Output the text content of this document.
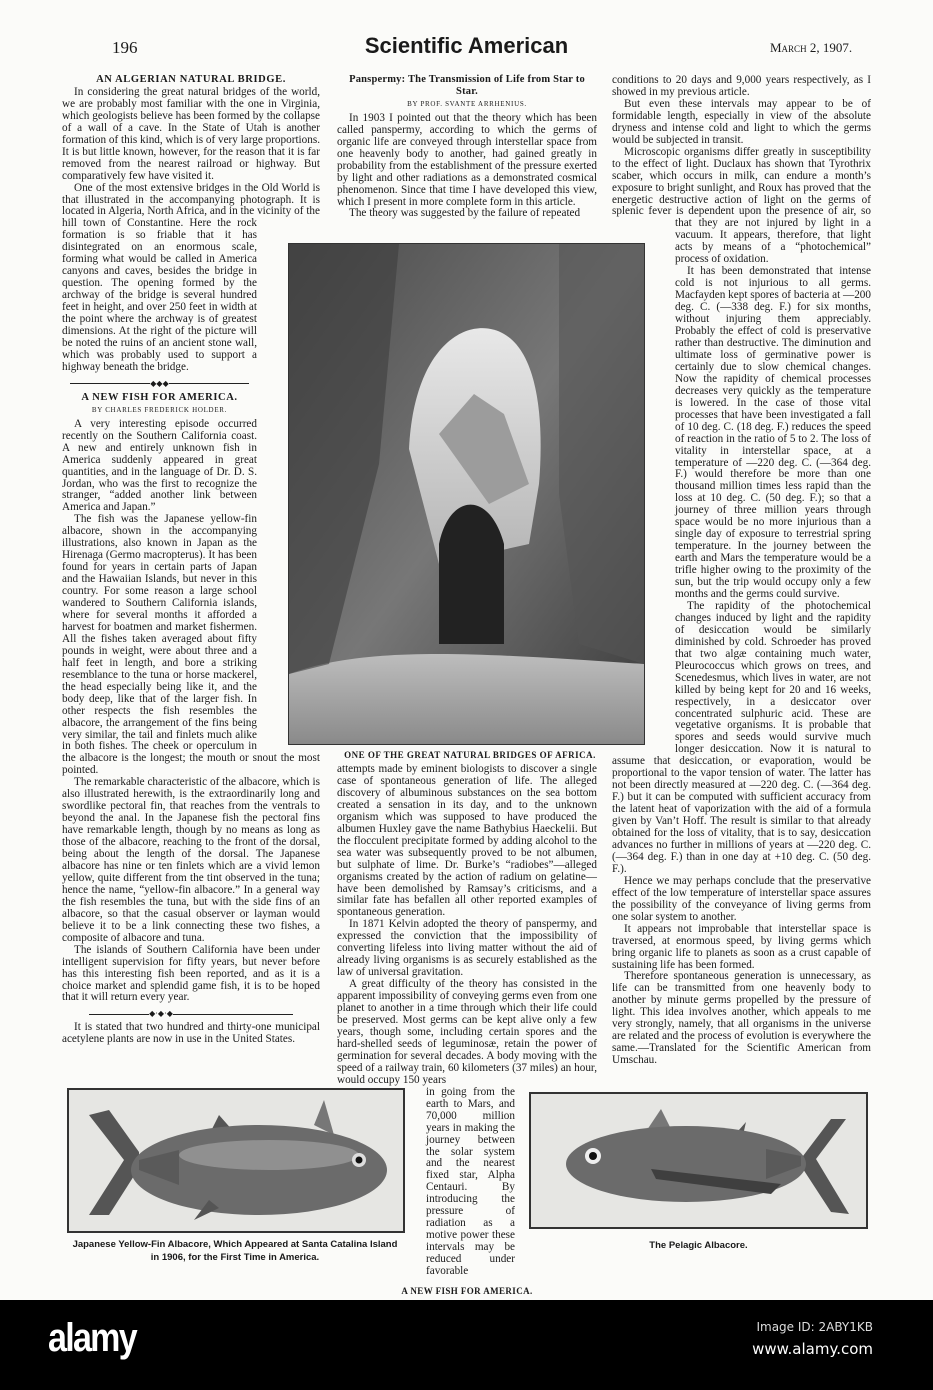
196	Scientific American	March 2, 1907.
ONE OF THE GREAT NATURAL BRIDGES OF AFRICA.
AN ALGERIAN NATURAL BRIDGE.

In considering the great natural bridges of the world, we are probably most familiar with the one in Virginia, which geologists believe has been formed by the collapse of a wall of a cave. In the State of Utah is another formation of this kind, which is of very large proportions. It is but little known, however, for the reason that it is far removed from the nearest railroad or highway. But comparatively few have visited it.

One of the most extensive bridges in the Old World is that illustrated in the accompanying photograph. It is located in Algeria, North Africa, and in the vicinity of the hill town of Constantine. Here the rock formation is so friable that it has disintegrated on an enormous scale, forming what would be called in America canyons and caves, besides the bridge in question. The opening formed by the archway of the bridge is several hundred feet in height, and over 250 feet in width at the point where the archway is of greatest dimensions. At the right of the picture will be noted the ruins of an ancient stone wall, which was probably used to support a highway beneath the bridge.

◆◆◆
A NEW FISH FOR AMERICA.
BY CHARLES FREDERICK HOLDER.

A very interesting episode occurred recently on the Southern California coast. A new and entirely unknown fish in America suddenly appeared in great quantities, and in the language of Dr. D. S. Jordan, who was the first to recognize the stranger, “added another link between America and Japan.”

The fish was the Japanese yellow-fin albacore, shown in the accompanying illustrations, also known in Japan as the Hirenaga (Germo macropterus). It has been found for years in certain parts of Japan and the Hawaiian Islands, but never in this country. For some reason a large school wandered to Southern California islands, where for several months it afforded a harvest for boatmen and market fishermen. All the fishes taken averaged about fifty pounds in weight, were about three and a half feet in length, and bore a striking resemblance to the tuna or horse mackerel, the head especially being like it, and the body deep, like that of the larger fish. In other respects the fish resembles the albacore, the arrangement of the fins being very similar, the tail and finlets much alike in both fishes. The cheek or operculum in the albacore is the longest; the mouth or snout the most pointed.

The remarkable characteristic of the albacore, which is also illustrated herewith, is the extraordinarily long and swordlike pectoral fin, that reaches from the ventrals to beyond the anal. In the Japanese fish the pectoral fins have remarkable length, though by no means as long as those of the albacore, reaching to the front of the dorsal, being about the length of the dorsal. The Japanese albacore has nine or ten finlets which are a vivid lemon yellow, quite different from the tint observed in the tuna; hence the name, “yellow-fin albacore.” In a general way the fish resembles the tuna, but with the side fins of an albacore, so that the casual observer or layman would believe it to be a link connecting these two fishes, a composite of albacore and tuna.

The islands of Southern California have been under intelligent supervision for fifty years, but never before has this interesting fish been reported, and as it is a choice market and splendid game fish, it is to be hoped that it will return every year.

◆·◆·◆

It is stated that two hundred and thirty-one municipal acetylene plants are now in use in the United States.

Panspermy: The Transmission of Life from Star to Star.
BY PROF. SVANTE ARRHENIUS.

In 1903 I pointed out that the theory which has been called panspermy, according to which the germs of organic life are conveyed through interstellar space from one heavenly body to another, had gained greatly in probability from the establishment of the pressure exerted by light and other radiations as a demonstrated cosmical phenomenon. Since that time I have developed this view, which I present in more complete form in this article.

The theory was suggested by the failure of repeated

attempts made by eminent biologists to discover a single case of spontaneous generation of life. The alleged discovery of albuminous substances on the sea bottom created a sensation in its day, and to the unknown organism which was supposed to have produced the albumen Huxley gave the name Bathybius Haeckelii. But the flocculent precipitate formed by adding alcohol to the sea water was subsequently proved to be not albumen, but sulphate of lime. Dr. Burke’s “radiobes”—alleged organisms created by the action of radium on gelatine—have been demolished by Ramsay’s criticisms, and a similar fate has befallen all other reported examples of spontaneous generation.

In 1871 Kelvin adopted the theory of panspermy, and expressed the conviction that the impossibility of converting lifeless into living matter without the aid of already living organisms is as securely established as the law of universal gravitation.

A great difficulty of the theory has consisted in the apparent impossibility of conveying germs even from one planet to another in a time through which their life could be preserved. Most germs can be kept alive only a few years, though some, including certain spores and the hard-shelled seeds of leguminosæ, retain the power of germination for several decades. A body moving with the speed of a railway train, 60 kilometers (37 miles) an hour, would occupy 150 years

in going from the earth to Mars, and 70,000 million years in making the journey between the solar system and the nearest fixed star, Alpha Centauri. By introducing the pressure of radiation as a motive power these intervals may be reduced under favorable

A NEW FISH FOR AMERICA.

conditions to 20 days and 9,000 years respectively, as I showed in my previous article.

But even these intervals may appear to be of formidable length, especially in view of the absolute dryness and intense cold and light to which the germs would be subjected in transit.

Microscopic organisms differ greatly in susceptibility to the effect of light. Duclaux has shown that Tyrothrix scaber, which occurs in milk, can endure a month’s exposure to bright sunlight, and Roux has proved that the energetic destructive action of light on the germs of splenic fever is dependent upon the presence of air, so that they are not injured by light in a vacuum. It appears, therefore, that light acts by means of a “photochemical” process of oxidation.

It has been demonstrated that intense cold is not injurious to all germs. Macfayden kept spores of bacteria at —200 deg. C. (—338 deg. F.) for six months, without injuring them appreciably. Probably the effect of cold is preservative rather than destructive. The diminution and ultimate loss of germinative power is certainly due to slow chemical changes. Now the rapidity of chemical processes decreases very quickly as the temperature is lowered. In the case of those vital processes that have been investigated a fall of 10 deg. C. (18 deg. F.) reduces the speed of reaction in the ratio of 5 to 2. The loss of vitality in interstellar space, at a temperature of —220 deg. C. (—364 deg. F.) would therefore be more than one thousand million times less rapid than the loss at 10 deg. C. (50 deg. F.); so that a journey of three million years through space would be no more injurious than a single day of exposure to terrestrial spring temperature. In the journey between the earth and Mars the temperature would be a trifle higher owing to the proximity of the sun, but the trip would occupy only a few months and the germs could survive.

The rapidity of the photochemical changes induced by light and the rapidity of desiccation would be similarly diminished by cold. Schroeder has proved that two algæ containing much water, Pleurococcus which grows on trees, and Scenedesmus, which lives in water, are not killed by being kept for 20 and 16 weeks, respectively, in a desiccator over concentrated sulphuric acid. These are vegetative organisms. It is probable that spores and seeds would survive much longer desiccation. Now it is natural to assume that desiccation, or evaporation, would be proportional to the vapor tension of water. The latter has not been directly measured at —220 deg. C. (—364 deg. F.) but it can be computed with sufficient accuracy from the latent heat of vaporization with the aid of a formula given by Van’t Hoff. The result is similar to that already obtained for the loss of vitality, that is to say, desiccation advances no further in millions of years at —220 deg. C. (—364 deg. F.) than in one day at +10 deg. C. (50 deg. F.).

Hence we may perhaps conclude that the preservative effect of the low temperature of interstellar space assures the possibility of the conveyance of living germs from one solar system to another.

It appears not improbable that interstellar space is traversed, at enormous speed, by living germs which bring organic life to planets as soon as a crust capable of sustaining life has been formed.

Therefore spontaneous generation is unnecessary, as life can be transmitted from one heavenly body to another by minute germs propelled by the pressure of light. This idea involves another, which appeals to me very strongly, namely, that all organisms in the universe are related and the process of evolution is everywhere the same.—Translated for the Scientific American from Umschau.

Japanese Yellow-Fin Albacore, Which Appeared at Santa Catalina Island in 1906, for the First Time in America.
The Pelagic Albacore.
alamy	Image ID: 2ABY1KB
www.alamy.com
